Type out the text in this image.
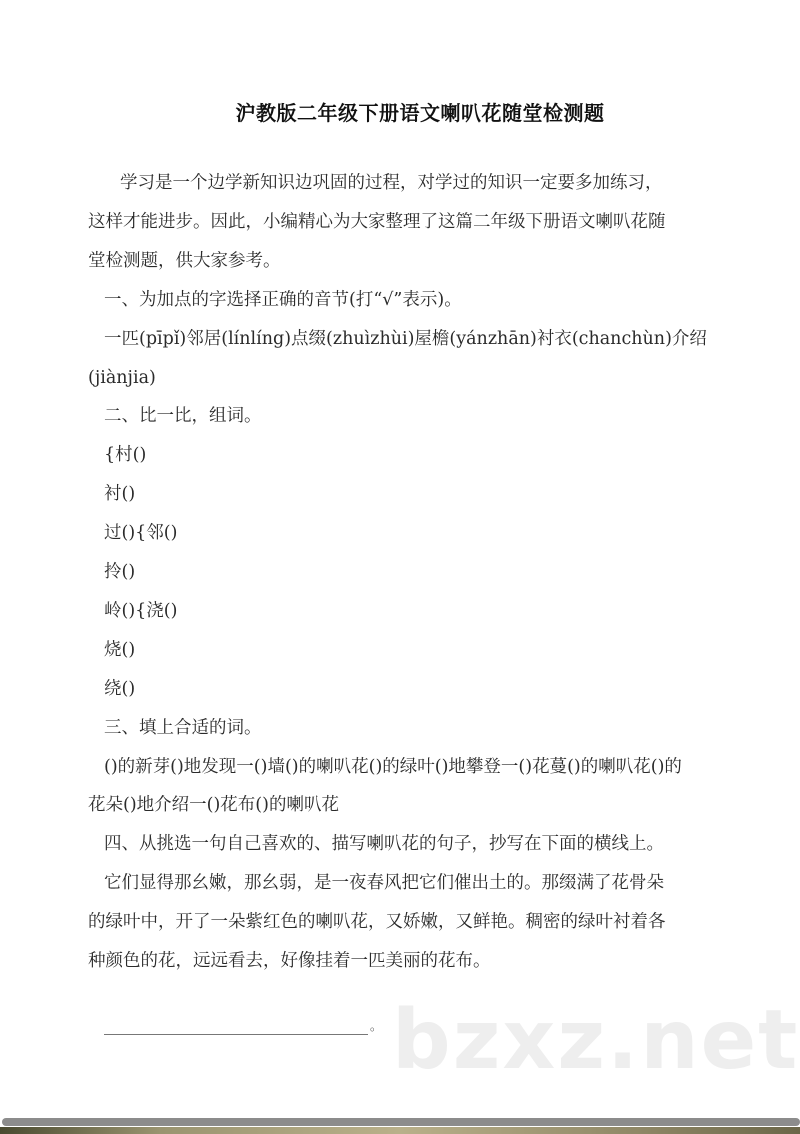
沪教版二年级下册语文喇叭花随堂检测题
学习是一个边学新知识边巩固的过程，对学过的知识一定要多加练习，
这样才能进步。因此，小编精心为大家整理了这篇二年级下册语文喇叭花随
堂检测题，供大家参考。
一、为加点的字选择正确的音节(打“√”表示)。
一匹(pīpǐ)邻居(línlíng)点缀(zhuìzhùi)屋檐(yánzhān)衬衣(chanchùn)介绍
(jiànjia)
二、比一比，组词。
{村()
衬()
过(){邻()
拎()
岭(){浇()
烧()
绕()
三、填上合适的词。
()的新芽()地发现一()墙()的喇叭花()的绿叶()地攀登一()花蔓()的喇叭花()的
花朵()地介绍一()花布()的喇叭花
四、从挑选一句自己喜欢的、描写喇叭花的句子，抄写在下面的横线上。
它们显得那幺嫩，那幺弱，是一夜春风把它们催出土的。那缀满了花骨朵
的绿叶中，开了一朵紫红色的喇叭花，又娇嫩，又鲜艳。稠密的绿叶衬着各
种颜色的花，远远看去，好像挂着一匹美丽的花布。
。 bzxz.net
